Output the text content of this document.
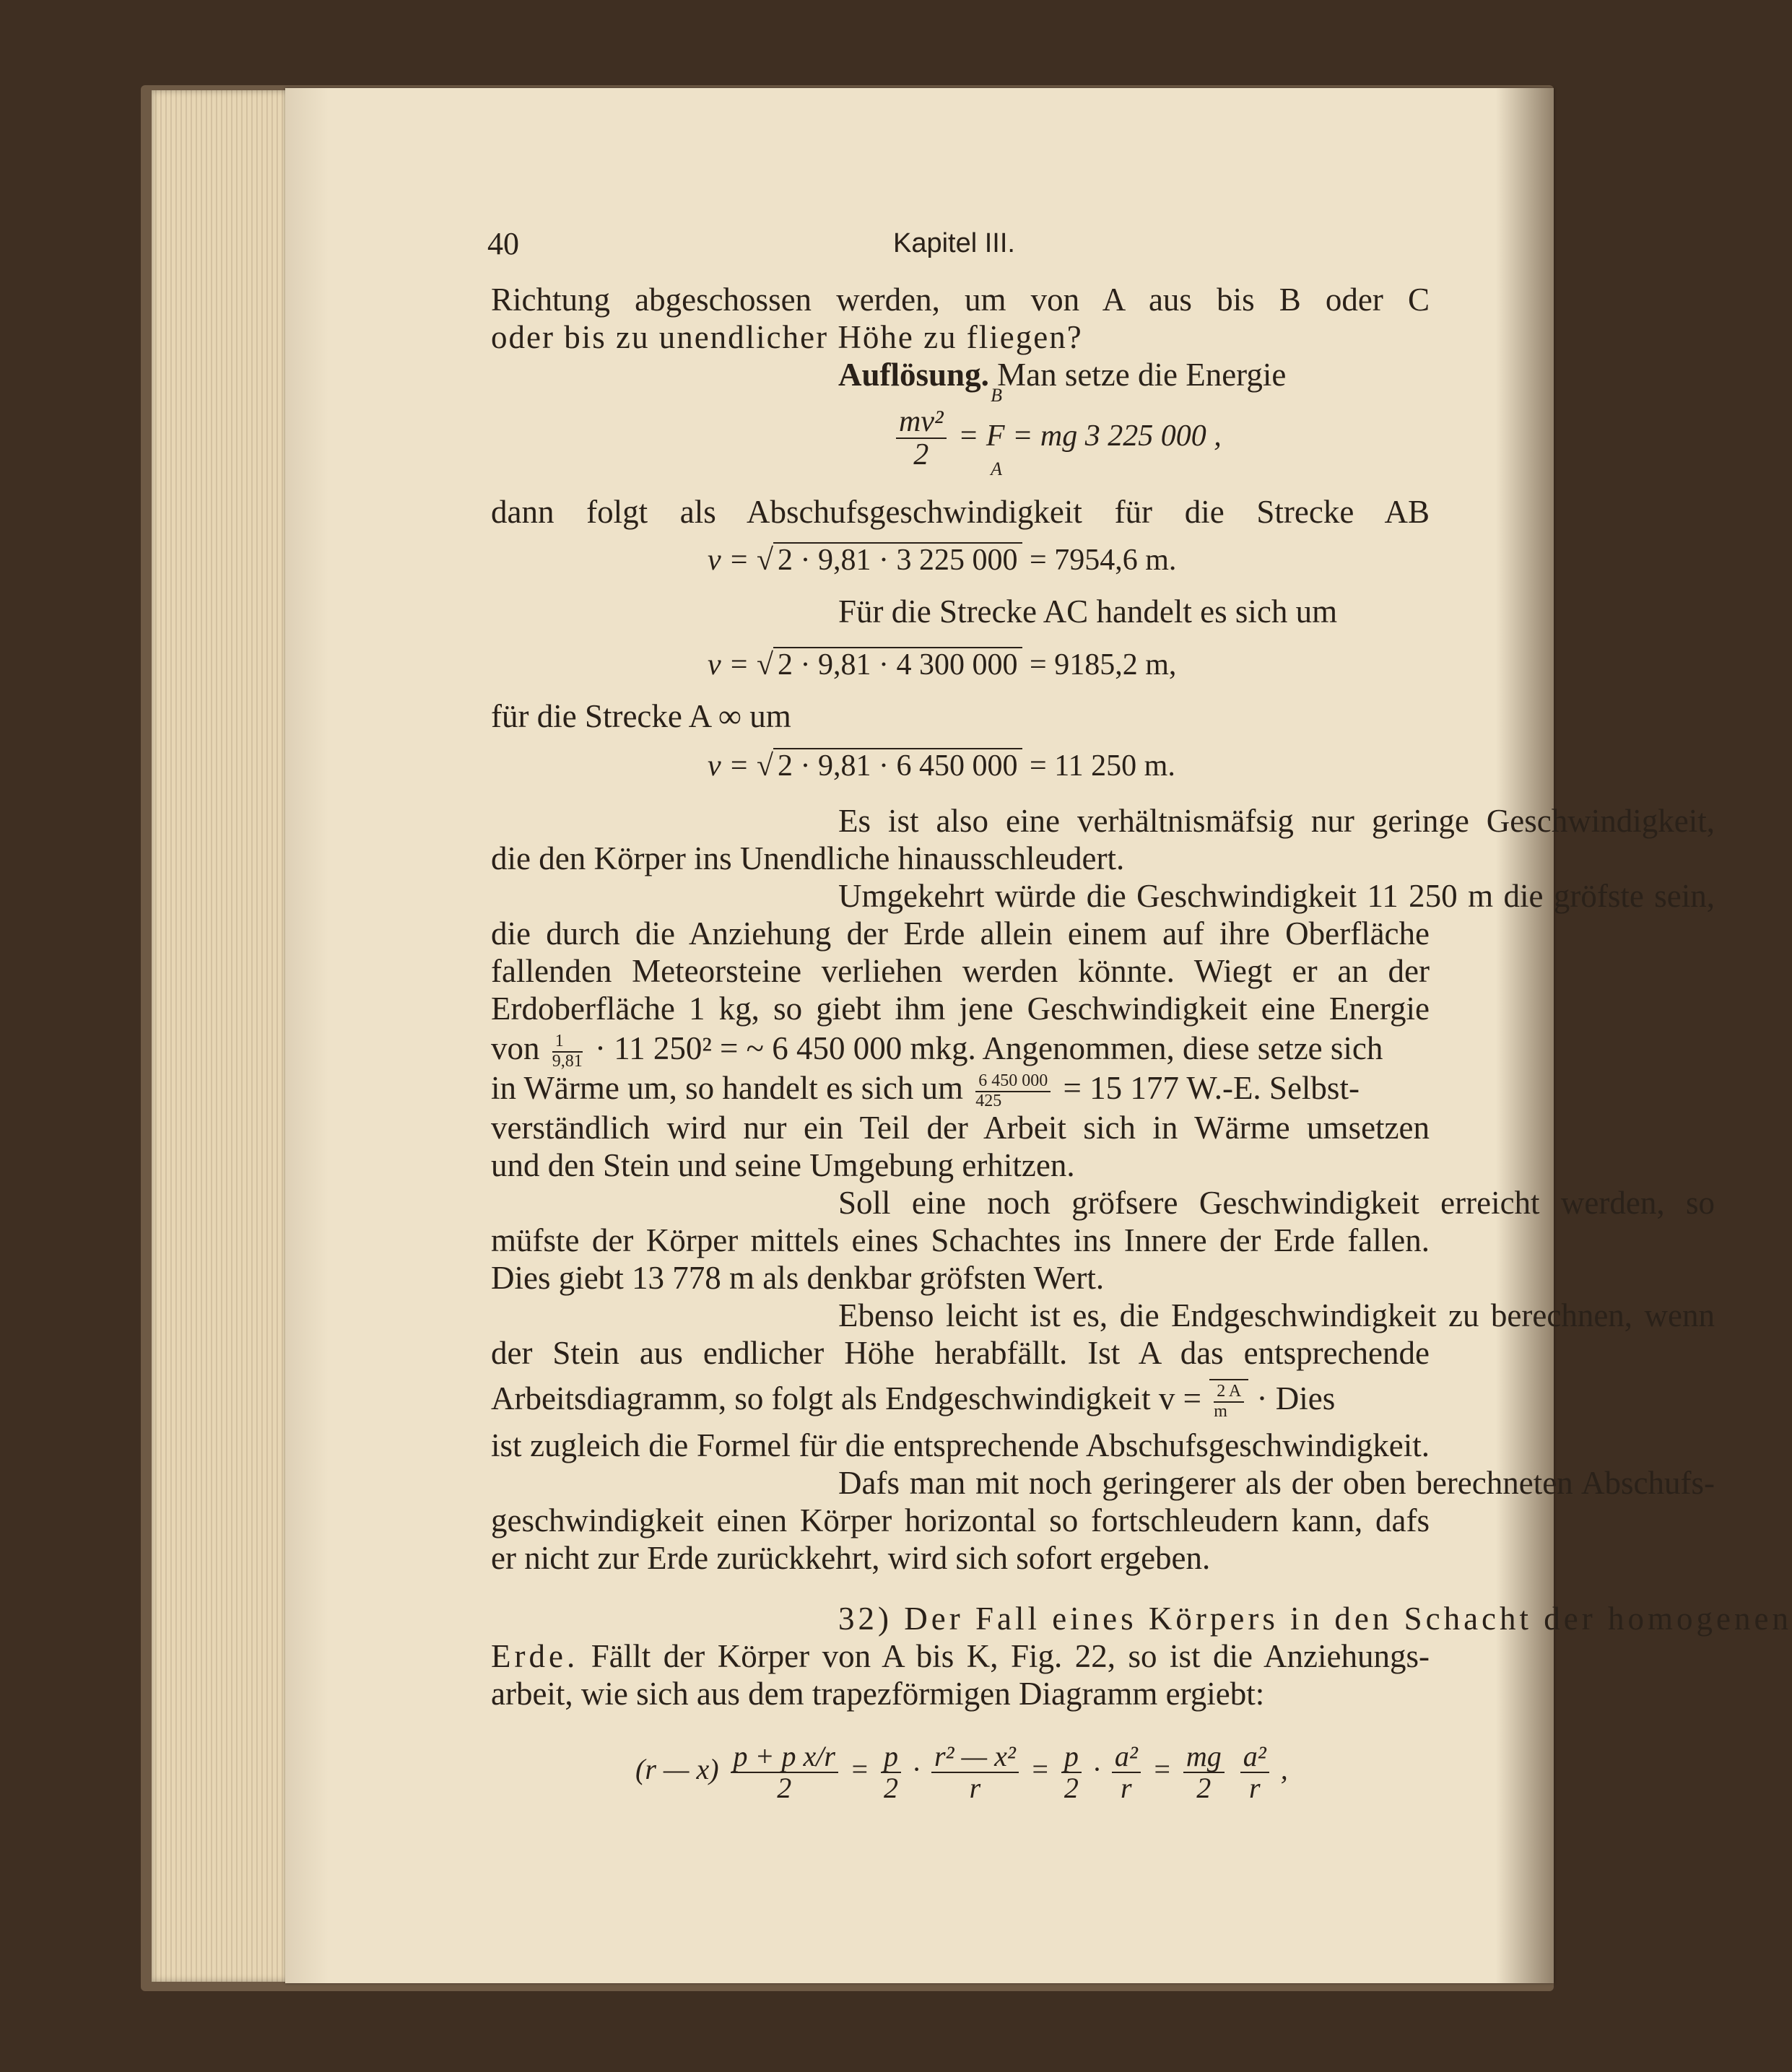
40	Kapitel III.
Richtung abgeschossen werden, um von A aus bis B oder C
oder bis zu unendlicher Höhe zu fliegen?
Auflösung. Man setze die Energie
$\frac{\text{mv²}}{2}$

B
A
= F = mg 3 225 000 ,
dann folgt als Abschufsgeschwindigkeit für die Strecke AB
v = √ 2 · 9,81 · 3 225 000 = 7954,6 m.
Für die Strecke AC handelt es sich um
v = √ 2 · 9,81 · 4 300 000 = 9185,2 m,
für die Strecke A ∞ um
v = √ 2 · 9,81 · 6 450 000 = 11 250 m.
Es ist also eine verhältnismäfsig nur geringe Geschwindigkeit,
die den Körper ins Unendliche hinausschleudert.
Umgekehrt würde die Geschwindigkeit 11 250 m die gröfste sein,
die durch die Anziehung der Erde allein einem auf ihre Oberfläche
fallenden Meteorsteine verliehen werden könnte. Wiegt er an der
Erdoberfläche 1 kg, so giebt ihm jene Geschwindigkeit eine Energie
von $\frac{1}{9,81} \cdot 11$ 250² = ~ 6 450 000 mkg. Angenommen, diese setze sich
in Wärme um, so handelt es sich um $\frac{6 450 000}{425} = 15$ 177 W.-E. Selbst-
verständlich wird nur ein Teil der Arbeit sich in Wärme umsetzen
und den Stein und seine Umgebung erhitzen.
Soll eine noch gröfsere Geschwindigkeit erreicht werden, so
müfste der Körper mittels eines Schachtes ins Innere der Erde fallen.
Dies giebt 13 778 m als denkbar gröfsten Wert.
Ebenso leicht ist es, die Endgeschwindigkeit zu berechnen, wenn
der Stein aus endlicher Höhe herabfällt. Ist A das entsprechende
Arbeitsdiagramm, so folgt als Endgeschwindigkeit $v = \frac{2 A}{m}$ · Dies
ist zugleich die Formel für die entsprechende Abschufsgeschwindigkeit.
Dafs man mit noch geringerer als der oben berechneten Abschufs-
geschwindigkeit einen Körper horizontal so fortschleudern kann, dafs
er nicht zur Erde zurückkehrt, wird sich sofort ergeben.
32) Der Fall eines Körpers in den Schacht der homogenen
Erde. Fällt der Körper von A bis K, Fig. 22, so ist die Anziehungs-
arbeit, wie sich aus dem trapezförmigen Diagramm ergiebt:
(r — $x) \frac{\text{p + p x/r}}{2} = \frac{p}{2} \cdot \frac{\text{r² — x²}}{r} = \frac{p}{2} \cdot \frac{\text{a²}}{r} = \frac{mg}{2}$
$\frac{\text{a²}}{r}$ ,
